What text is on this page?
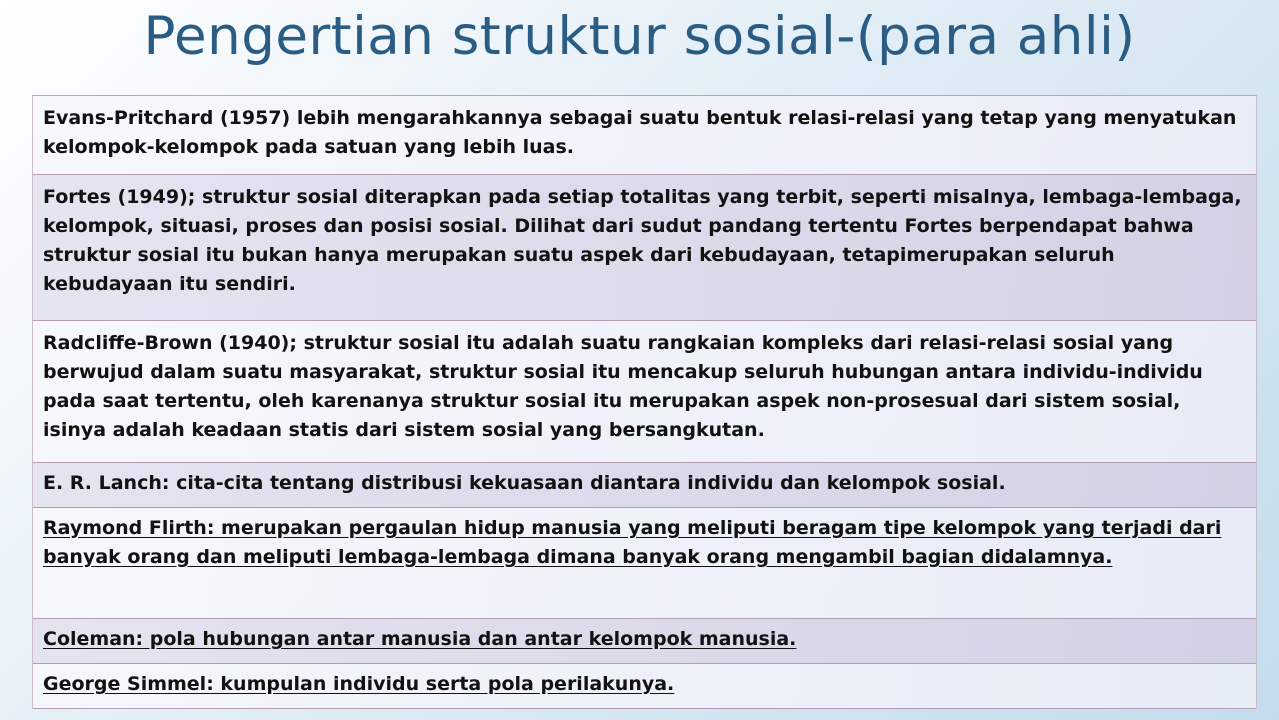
Pengertian struktur sosial-(para ahli)
Evans-Pritchard (1957) lebih mengarahkannya sebagai suatu bentuk relasi-relasi yang tetap yang menyatukan kelompok-kelompok pada satuan yang lebih luas.
Fortes (1949); struktur sosial diterapkan pada setiap totalitas yang terbit, seperti misalnya, lembaga-lembaga, kelompok, situasi, proses dan posisi sosial. Dilihat dari sudut pandang tertentu Fortes berpendapat bahwa struktur sosial itu bukan hanya merupakan suatu aspek dari kebudayaan, tetapimerupakan seluruh kebudayaan itu sendiri.
Radcliffe-Brown (1940); struktur sosial itu adalah suatu rangkaian kompleks dari relasi-relasi sosial yang berwujud dalam suatu masyarakat, struktur sosial itu mencakup seluruh hubungan antara individu-individu pada saat tertentu, oleh karenanya struktur sosial itu merupakan aspek non-prosesual dari sistem sosial, isinya adalah keadaan statis dari sistem sosial yang bersangkutan.
E. R. Lanch: cita-cita tentang distribusi kekuasaan diantara individu dan kelompok sosial.
Raymond Flirth: merupakan pergaulan hidup manusia yang meliputi beragam tipe kelompok yang terjadi dari banyak orang dan meliputi lembaga-lembaga dimana banyak orang mengambil bagian didalamnya.
Coleman: pola hubungan antar manusia dan antar kelompok manusia.
George Simmel: kumpulan individu serta pola perilakunya.
